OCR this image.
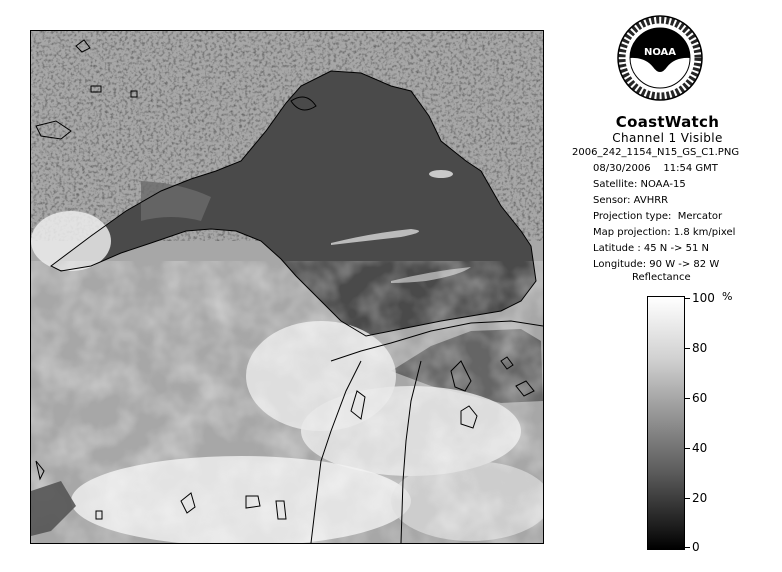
NOAA
CoastWatch
Channel 1 Visible
2006_242_1154_N15_GS_C1.PNG
08/30/2006 11:54 GMT
Satellite: NOAA-15
Sensor: AVHRR
Projection type:  Mercator
Map projection: 1.8 km/pixel
Latitude : 45 N -> 51 N
Longitude: 90 W -> 82 W
Reflectance
%
100
80
60
40
20
0
